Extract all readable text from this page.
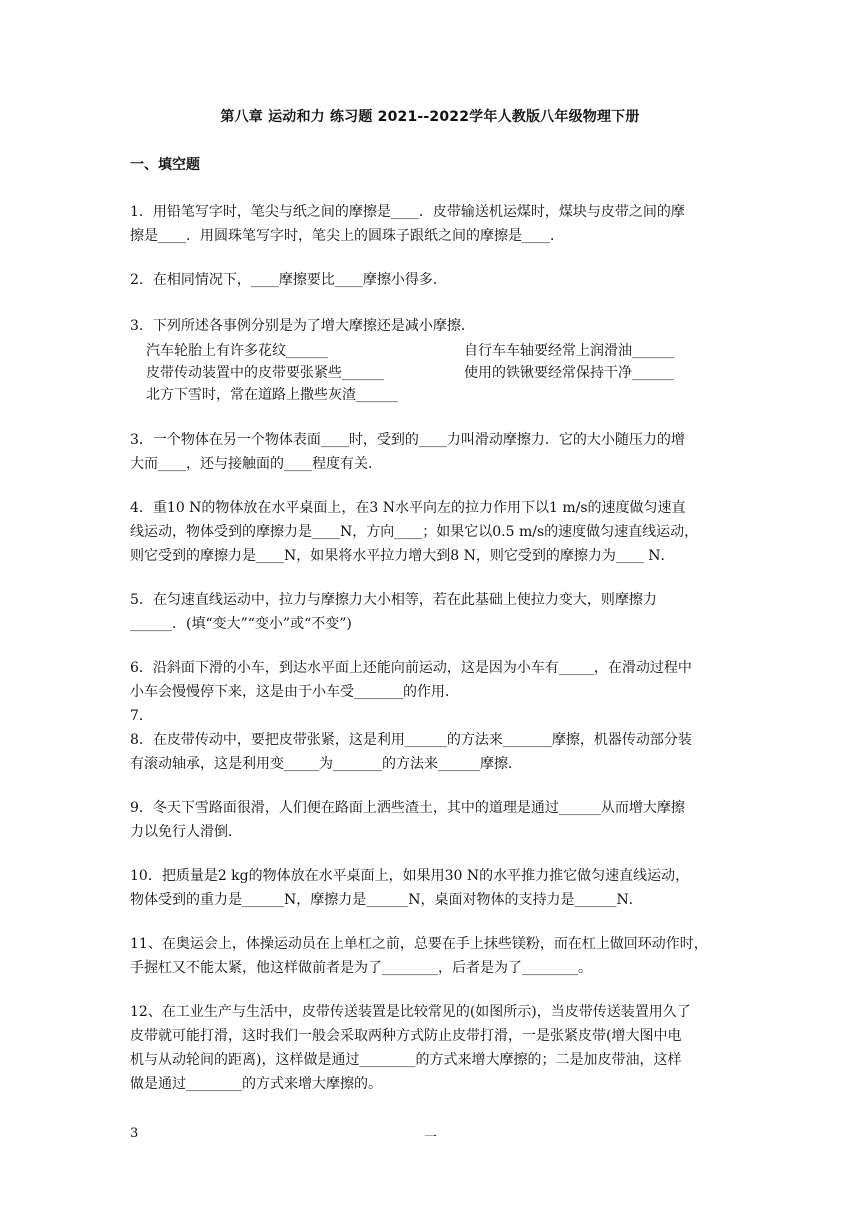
第八章 运动和力 练习题 2021--2022学年人教版八年级物理下册
一、填空题
1．用铅笔写字时，笔尖与纸之间的摩擦是____．皮带输送机运煤时，煤块与皮带之间的摩
擦是____．用圆珠笔写字时，笔尖上的圆珠子跟纸之间的摩擦是____．
2．在相同情况下，____摩擦要比____摩擦小得多．
3．下列所述各事例分别是为了增大摩擦还是减小摩擦．
汽车轮胎上有许多花纹______	自行车车轴要经常上润滑油______
皮带传动装置中的皮带要张紧些______	使用的铁锹要经常保持干净______
北方下雪时，常在道路上撒些灰渣______
3．一个物体在另一个物体表面____时，受到的____力叫滑动摩擦力．它的大小随压力的增
大而____，还与接触面的____程度有关．
4．重10 N的物体放在水平桌面上，在3 N水平向左的拉力作用下以1 m/s的速度做匀速直
线运动，物体受到的摩擦力是____N，方向____；如果它以0.5 m/s的速度做匀速直线运动，
则它受到的摩擦力是____N，如果将水平拉力增大到8 N，则它受到的摩擦力为____ N．
5．在匀速直线运动中，拉力与摩擦力大小相等，若在此基础上使拉力变大，则摩擦力
______．(填“变大”“变小”或“不变”)
6．沿斜面下滑的小车，到达水平面上还能向前运动，这是因为小车有_____，在滑动过程中
小车会慢慢停下来，这是由于小车受_______的作用．
7．
8．在皮带传动中，要把皮带张紧，这是利用______的方法来_______摩擦，机器传动部分装
有滚动轴承，这是利用变_____为_______的方法来______摩擦．
9．冬天下雪路面很滑，人们便在路面上洒些渣土，其中的道理是通过______从而增大摩擦
力以免行人滑倒．
10．把质量是2 kg的物体放在水平桌面上，如果用30 N的水平推力推它做匀速直线运动，
物体受到的重力是______N，摩擦力是______N，桌面对物体的支持力是______N．
11、在奥运会上，体操运动员在上单杠之前，总要在手上抹些镁粉，而在杠上做回环动作时，
手握杠又不能太紧，他这样做前者是为了________，后者是为了________。
12、在工业生产与生活中，皮带传送装置是比较常见的(如图所示)，当皮带传送装置用久了
皮带就可能打滑，这时我们一般会采取两种方式防止皮带打滑，一是张紧皮带(增大图中电
机与从动轮间的距离)，这样做是通过________的方式来增大摩擦的；二是加皮带油，这样
做是通过________的方式来增大摩擦的。
3	一
